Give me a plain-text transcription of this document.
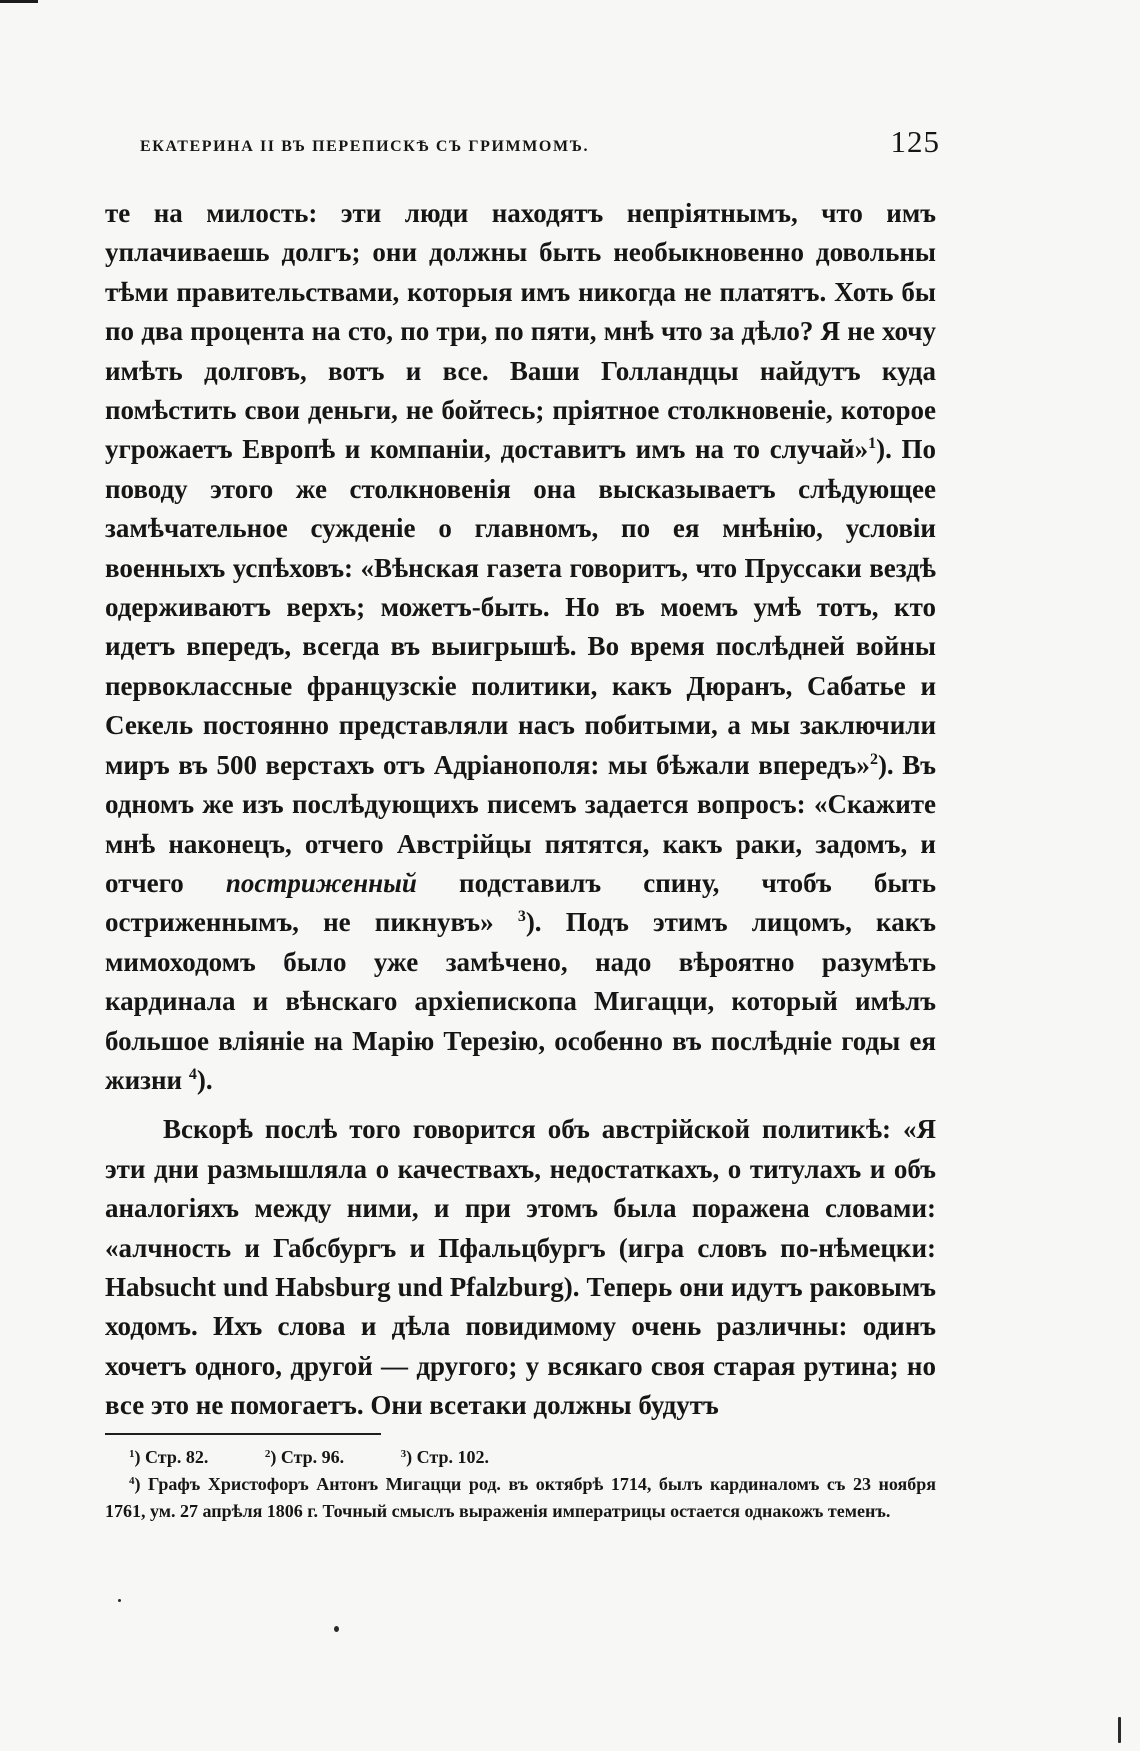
ЕКАТЕРИНА II ВЪ ПЕРЕПИСКѢ СЪ ГРИММОМЪ.	125

те на милость: эти люди находятъ непріятнымъ, что имъ уплачиваешь долгъ; они должны быть необыкновенно довольны тѣми правительствами, которыя имъ никогда не платятъ. Хоть бы по два процента на сто, по три, по пяти, мнѣ что за дѣло? Я не хочу имѣть долговъ, вотъ и все. Ваши Голландцы найдутъ куда помѣстить свои деньги, не бойтесь; пріятное столкновеніе, которое угрожаетъ Европѣ и компаніи, доставитъ имъ на то случай»$^1$). По поводу этого же столкновенія она высказываетъ слѣдующее замѣчательное сужденіе о главномъ, по ея мнѣнію, условіи военныхъ успѣховъ: «Вѣнская газета говоритъ, что Пруссаки вездѣ одерживаютъ верхъ; можетъ-быть. Но въ моемъ умѣ тотъ, кто идетъ впередъ, всегда въ выигрышѣ. Во время послѣдней войны первоклассные французскіе политики, какъ Дюранъ, Сабатье и Секель постоянно представляли насъ побитыми, а мы заключили миръ въ 500 верстахъ отъ Адріанополя: мы бѣжали впередъ»$^2$). Въ одномъ же изъ послѣдующихъ писемъ задается вопросъ: «Скажите мнѣ наконецъ, отчего Австрійцы пятятся, какъ раки, задомъ, и отчего постриженный подставилъ спину, чтобъ быть остриженнымъ, не пикнувъ» $^3$). Подъ этимъ лицомъ, какъ мимоходомъ было уже замѣчено, надо вѣроятно разумѣть кардинала и вѣнскаго архіепископа Мигацци, который имѣлъ большое вліяніе на Марію Терезію, особенно въ послѣдніе годы ея жизни $^4$).

Вскорѣ послѣ того говорится объ австрійской политикѣ: «Я эти дни размышляла о качествахъ, недостаткахъ, о титулахъ и объ аналогіяхъ между ними, и при этомъ была поражена словами: «алчность и Габсбургъ и Пфальцбургъ (игра словъ по-нѣмецки: Habsucht und Habsburg und Pfalzburg). Теперь они идутъ раковымъ ходомъ. Ихъ слова и дѣла повидимому очень различны: одинъ хочетъ одного, другой — другого; у всякаго своя старая рутина; но все это не помогаетъ. Они всетаки должны будутъ

$^1$) Стр. 82.	$^2$) Стр. 96.	$^3$) Стр. 102.

$^4$) Графъ Христофоръ Антонъ Мигацци род. въ октябрѣ 1714, былъ кардиналомъ съ 23 ноября 1761, ум. 27 апрѣля 1806 г. Точный смыслъ выраженія императрицы остается однакожъ теменъ.
